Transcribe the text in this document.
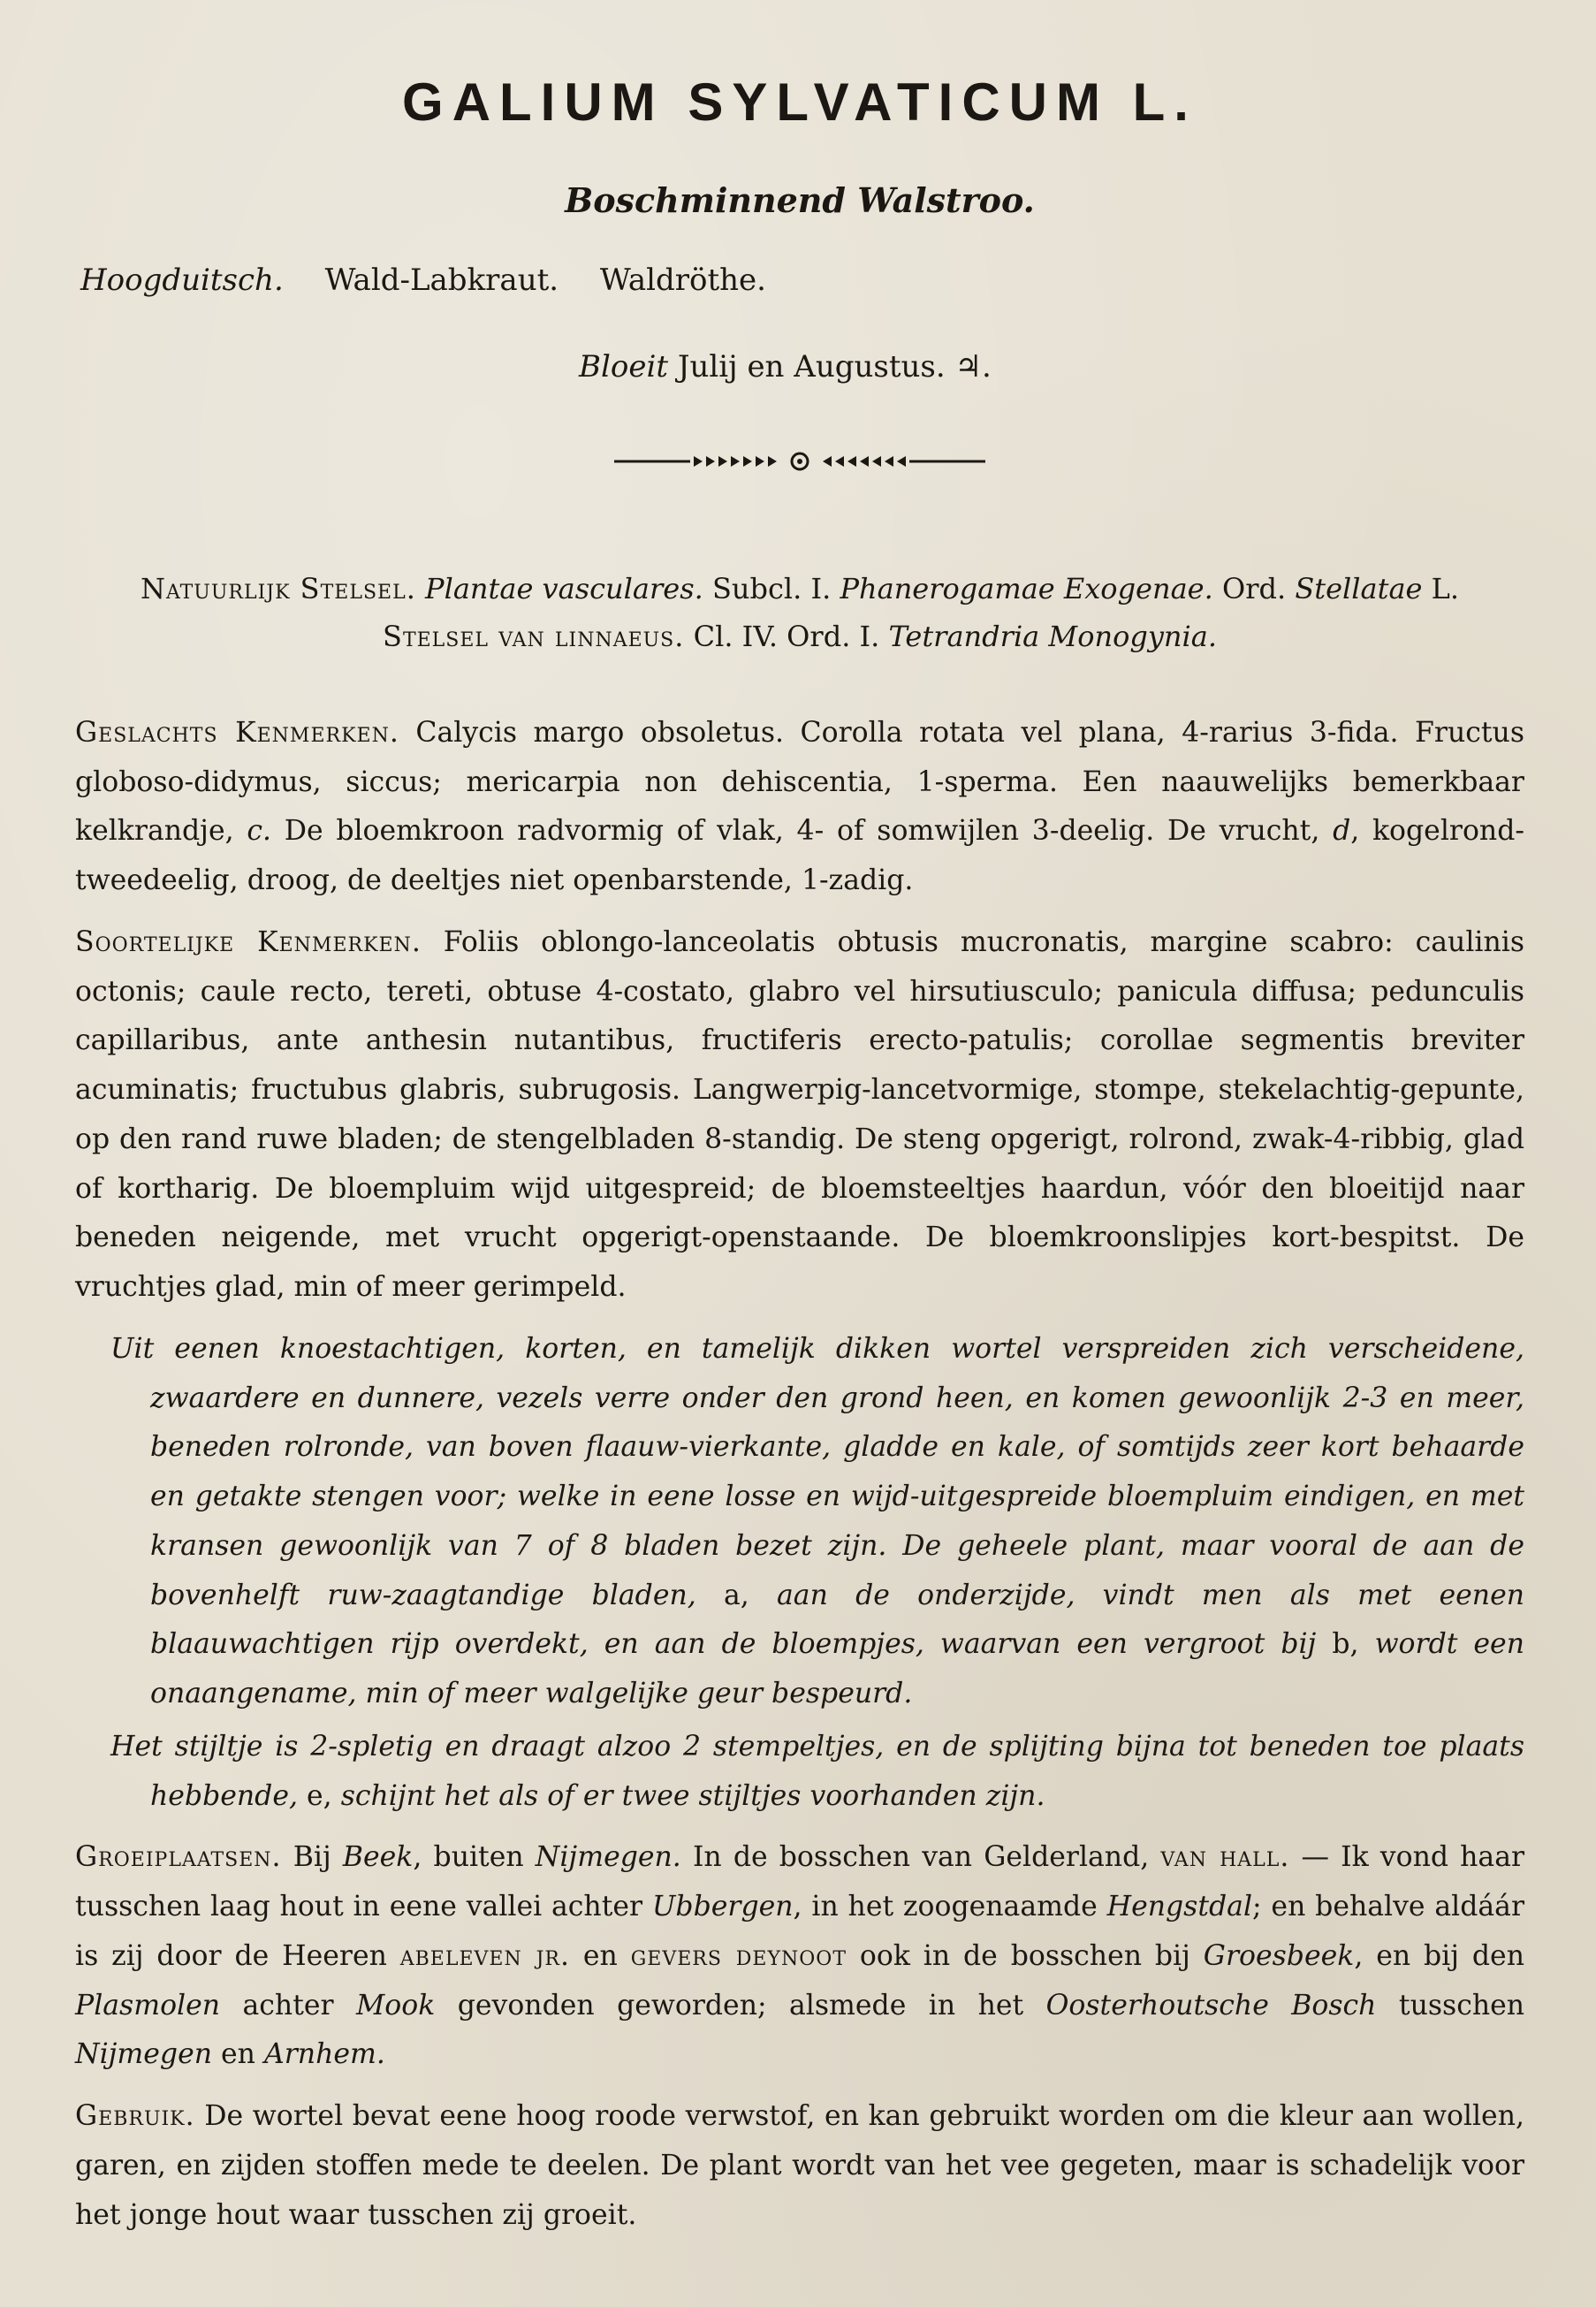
GALIUM SYLVATICUM L.
Boschminnend Walstroo.
Hoogduitsch. Wald-Labkraut. Waldröthe.
Bloeit Julij en Augustus. ♃.
Natuurlijk Stelsel. Plantae vasculares. Subcl. I. Phanerogamae Exogenae. Ord. Stellatae L.
Stelsel van linnaeus. Cl. IV. Ord. I. Tetrandria Monogynia.

Geslachts Kenmerken. Calycis margo obsoletus. Corolla rotata vel plana, 4-rarius 3-fida. Fructus globoso-didymus, siccus; mericarpia non dehiscentia, 1-sperma. Een naauwelijks bemerkbaar kelkrandje, c. De bloemkroon radvormig of vlak, 4- of somwijlen 3-deelig. De vrucht, d, kogelrond-tweedeelig, droog, de deeltjes niet openbarstende, 1-zadig.

Soortelijke Kenmerken. Foliis oblongo-lanceolatis obtusis mucronatis, margine scabro: caulinis octonis; caule recto, tereti, obtuse 4-costato, glabro vel hirsutiusculo; panicula diffusa; pedunculis capillaribus, ante anthesin nutantibus, fructiferis erecto-patulis; corollae segmentis breviter acuminatis; fructubus glabris, subrugosis. Langwerpig-lancetvormige, stompe, stekelachtig-gepunte, op den rand ruwe bladen; de stengelbladen 8-standig. De steng opgerigt, rolrond, zwak-4-ribbig, glad of kortharig. De bloempluim wijd uitgespreid; de bloemsteeltjes haardun, vóór den bloeitijd naar beneden neigende, met vrucht opgerigt-openstaande. De bloemkroonslipjes kort-bespitst. De vruchtjes glad, min of meer gerimpeld.

Uit eenen knoestachtigen, korten, en tamelijk dikken wortel verspreiden zich verscheidene, zwaardere en dunnere, vezels verre onder den grond heen, en komen gewoonlijk 2-3 en meer, beneden rolronde, van boven flaauw-vierkante, gladde en kale, of somtijds zeer kort behaarde en getakte stengen voor; welke in eene losse en wijd-uitgespreide bloempluim eindigen, en met kransen gewoonlijk van 7 of 8 bladen bezet zijn. De geheele plant, maar vooral de aan de bovenhelft ruw-zaagtandige bladen, a, aan de onderzijde, vindt men als met eenen blaauwachtigen rijp overdekt, en aan de bloempjes, waarvan een vergroot bij b, wordt een onaangename, min of meer walgelijke geur bespeurd.

Het stijltje is 2-spletig en draagt alzoo 2 stempeltjes, en de splijting bijna tot beneden toe plaats hebbende, e, schijnt het als of er twee stijltjes voorhanden zijn.

Groeiplaatsen. Bij Beek, buiten Nijmegen. In de bosschen van Gelderland, van hall. — Ik vond haar tusschen laag hout in eene vallei achter Ubbergen, in het zoogenaamde Hengstdal; en behalve aldáár is zij door de Heeren abeleven jr. en gevers deynoot ook in de bosschen bij Groesbeek, en bij den Plasmolen achter Mook gevonden geworden; alsmede in het Oosterhoutsche Bosch tusschen Nijmegen en Arnhem.

Gebruik. De wortel bevat eene hoog roode verwstof, en kan gebruikt worden om die kleur aan wollen, garen, en zijden stoffen mede te deelen. De plant wordt van het vee gegeten, maar is schadelijk voor het jonge hout waar tusschen zij groeit.
